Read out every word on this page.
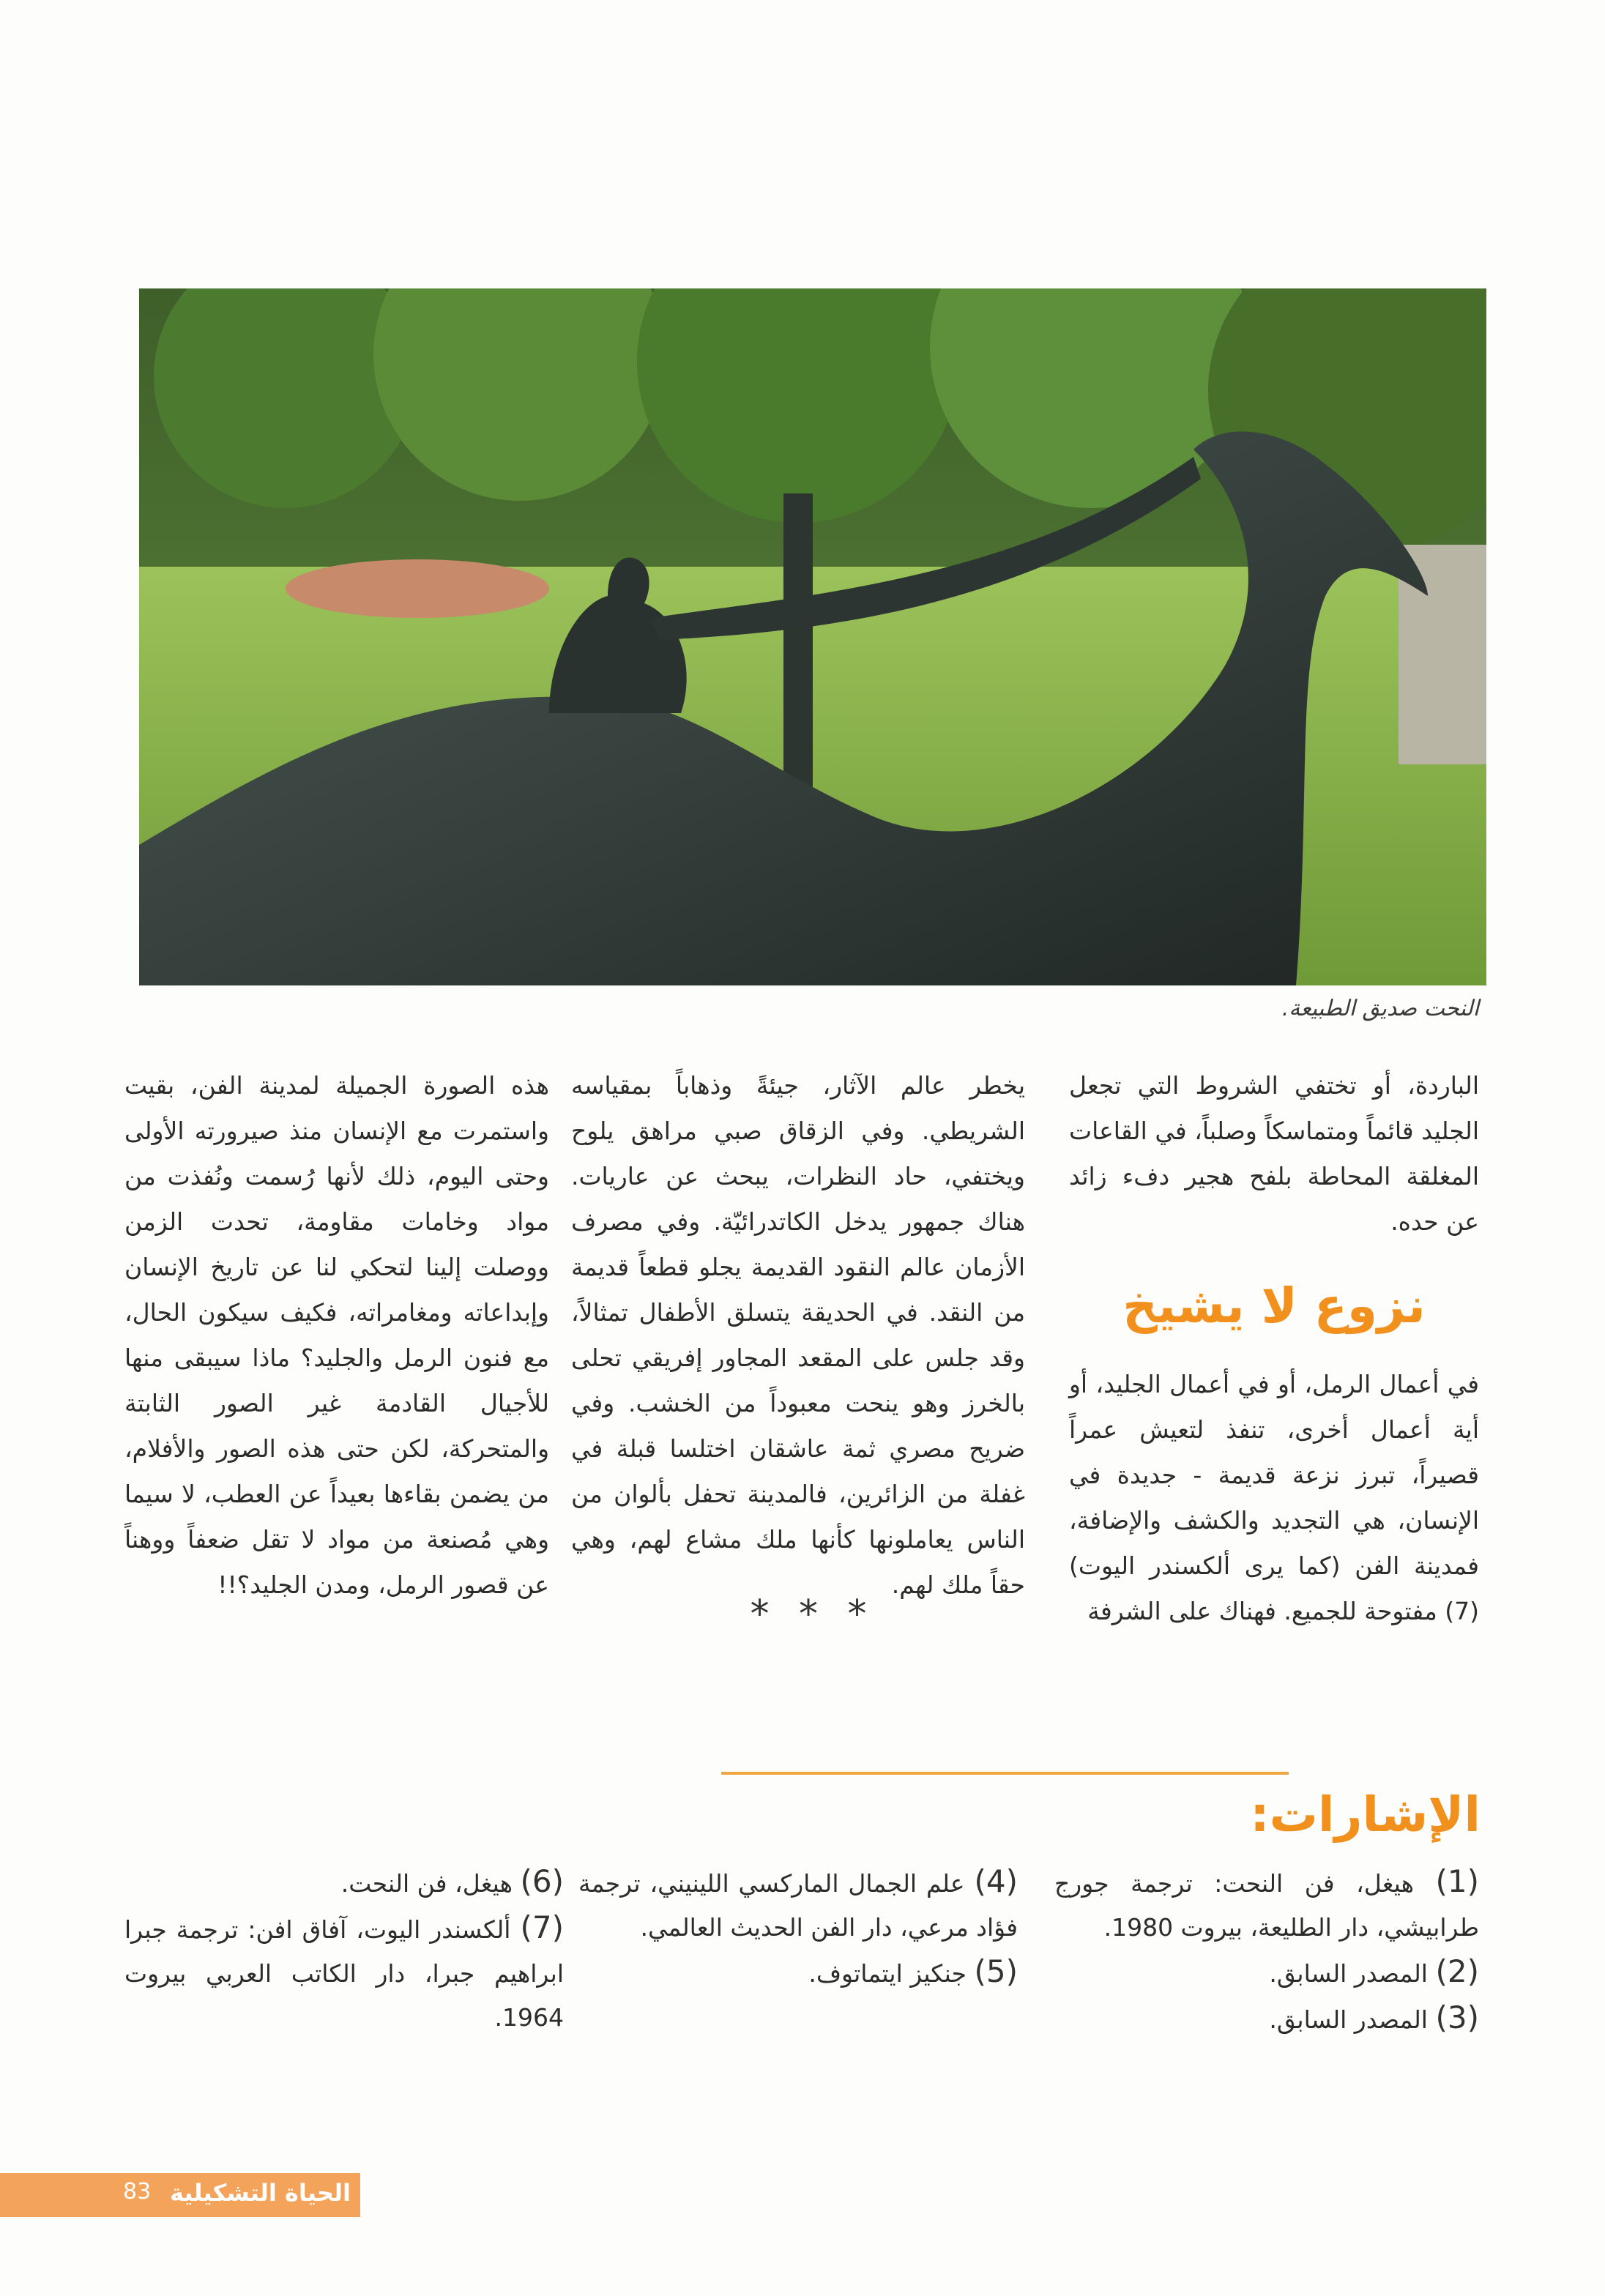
النحت صديق الطبيعة.

الباردة، أو تختفي الشروط التي تجعل الجليد قائماً ومتماسكاً وصلباً، في القاعات المغلقة المحاطة بلفح هجير دفء زائد عن حده.

نزوع لا يشيخ

في أعمال الرمل، أو في أعمال الجليد، أو أية أعمال أخرى، تنفذ لتعيش عمراً قصيراً، تبرز نزعة قديمة - جديدة في الإنسان، هي التجديد والكشف والإضافة، فمدينة الفن (كما يرى ألكسندر اليوت) (7) مفتوحة للجميع. فهناك على الشرفة

يخطر عالم الآثار، جيئةً وذهاباً بمقياسه الشريطي. وفي الزقاق صبي مراهق يلوح ويختفي، حاد النظرات، يبحث عن عاريات. هناك جمهور يدخل الكاتدرائيّة. وفي مصرف الأزمان عالم النقود القديمة يجلو قطعاً قديمة من النقد. في الحديقة يتسلق الأطفال تمثالاً، وقد جلس على المقعد المجاور إفريقي تحلى بالخرز وهو ينحت معبوداً من الخشب. وفي ضريح مصري ثمة عاشقان اختلسا قبلة في غفلة من الزائرين، فالمدينة تحفل بألوان من الناس يعاملونها كأنها ملك مشاع لهم، وهي حقاً ملك لهم.

* * *

هذه الصورة الجميلة لمدينة الفن، بقيت واستمرت مع الإنسان منذ صيرورته الأولى وحتى اليوم، ذلك لأنها رُسمت ونُفذت من مواد وخامات مقاومة، تحدت الزمن ووصلت إلينا لتحكي لنا عن تاريخ الإنسان وإبداعاته ومغامراته، فكيف سيكون الحال، مع فنون الرمل والجليد؟ ماذا سيبقى منها للأجيال القادمة غير الصور الثابتة والمتحركة، لكن حتى هذه الصور والأفلام، من يضمن بقاءها بعيداً عن العطب، لا سيما وهي مُصنعة من مواد لا تقل ضعفاً ووهناً عن قصور الرمل، ومدن الجليد؟!!

الإشارات:

(1) هيغل، فن النحت: ترجمة جورج طرابيشي، دار الطليعة، بيروت 1980.

(2) المصدر السابق.

(3) المصدر السابق.

(4) علم الجمال الماركسي اللينيني، ترجمة فؤاد مرعي، دار الفن الحديث العالمي.

(5) جنكيز ايتماتوف.

(6) هيغل، فن النحت.

(7) ألكسندر اليوت، آفاق افن: ترجمة جبرا ابراهيم جبرا، دار الكاتب العربي بيروت 1964.

الحياة التشكيلية
83
